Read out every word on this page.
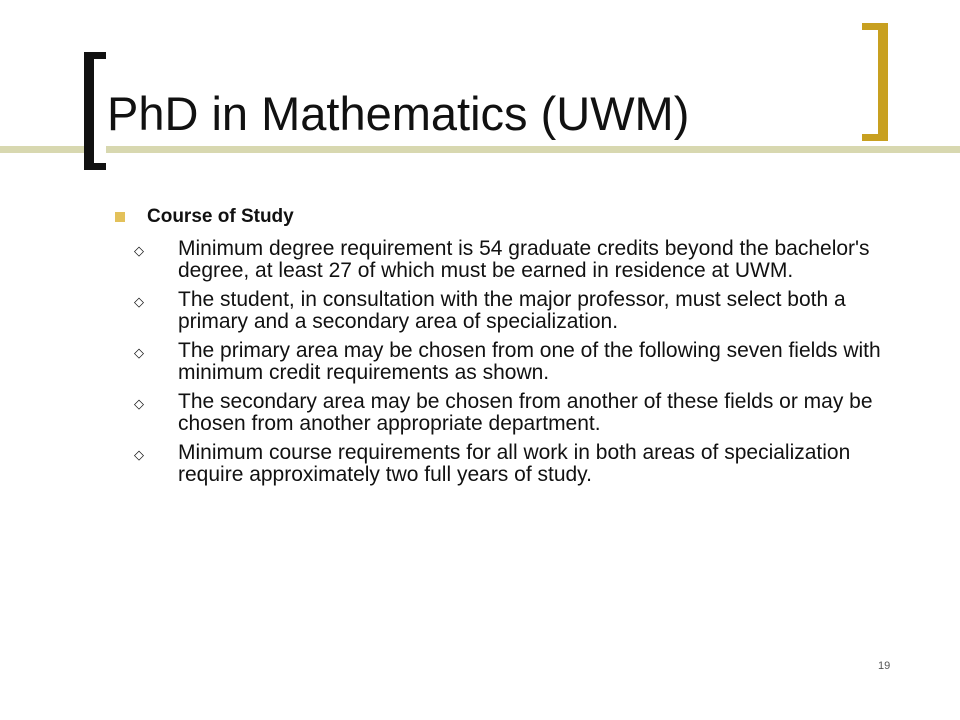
PhD in Mathematics (UWM)
Course of Study
◇	Minimum degree requirement is 54 graduate credits beyond the bachelor's degree, at least 27 of which must be earned in residence at UWM.
◇	The student, in consultation with the major professor, must select both a primary and a secondary area of specialization.
◇	The primary area may be chosen from one of the following seven fields with minimum credit requirements as shown.
◇	The secondary area may be chosen from another of these fields or may be chosen from another appropriate department.
◇	Minimum course requirements for all work in both areas of specialization require approximately two full years of study.
19
